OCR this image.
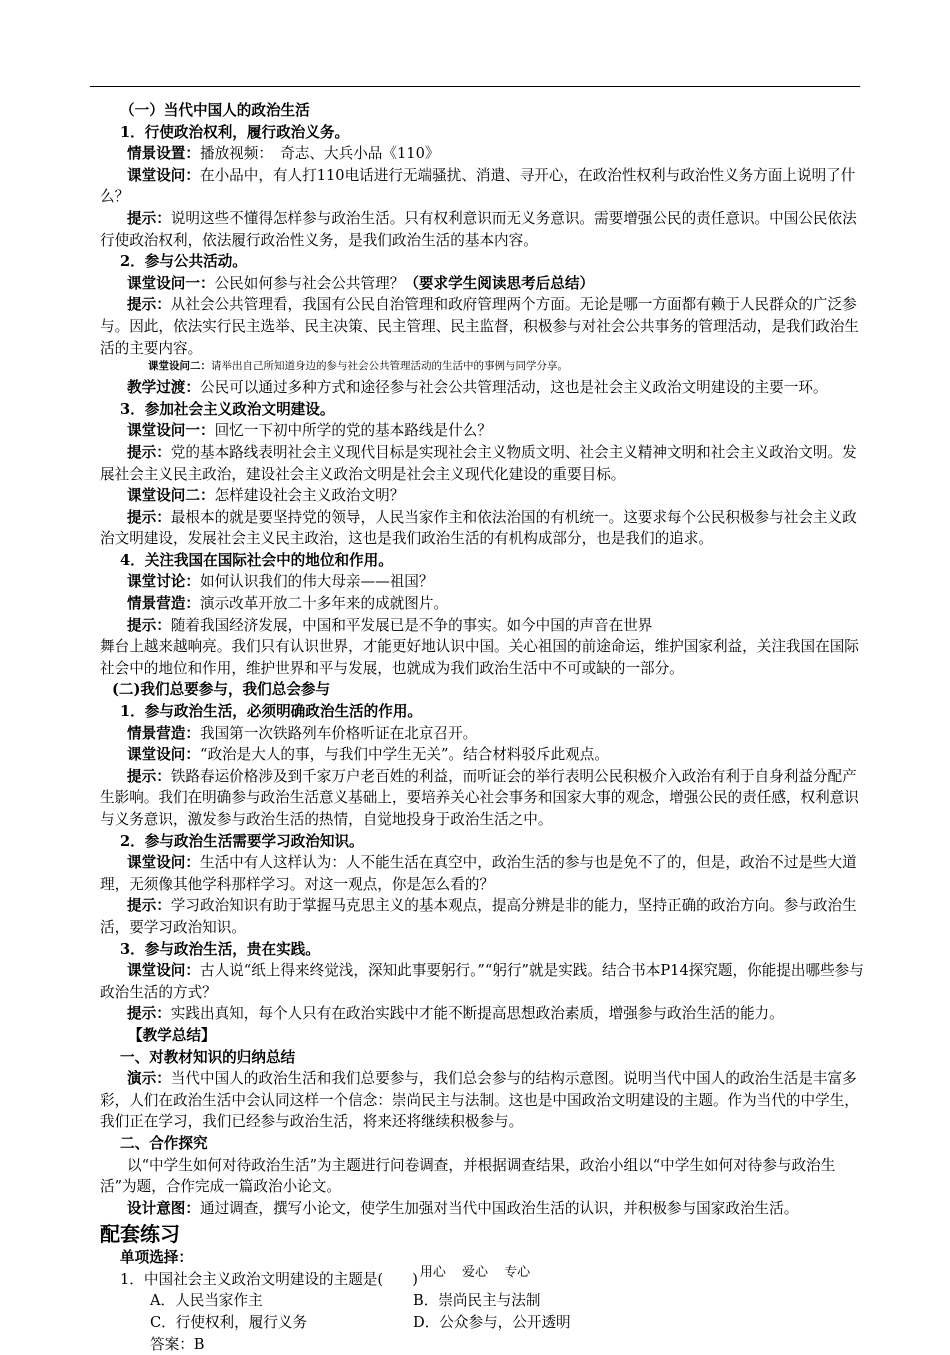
（一）当代中国人的政治生活

1．行使政治权利，履行政治义务。

情景设置：播放视频：　奇志、大兵小品《110》

课堂设问：在小品中，有人打110电话进行无端骚扰、消遣、寻开心，在政治性权利与政治性义务方面上说明了什么？

提示：说明这些不懂得怎样参与政治生活。只有权利意识而无义务意识。需要增强公民的责任意识。中国公民依法行使政治权利，依法履行政治性义务，是我们政治生活的基本内容。

2．参与公共活动。

课堂设问一：公民如何参与社会公共管理？（要求学生阅读思考后总结）

提示：从社会公共管理看，我国有公民自治管理和政府管理两个方面。无论是哪一方面都有赖于人民群众的广泛参与。因此，依法实行民主选举、民主决策、民主管理、民主监督，积极参与对社会公共事务的管理活动，是我们政治生活的主要内容。

课堂设问二：请举出自己所知道身边的参与社会公共管理活动的生活中的事例与同学分享。

教学过渡：公民可以通过多种方式和途径参与社会公共管理活动，这也是社会主义政治文明建设的主要一环。

3．参加社会主义政治文明建设。

课堂设问一：回忆一下初中所学的党的基本路线是什么？

提示：党的基本路线表明社会主义现代目标是实现社会主义物质文明、社会主义精神文明和社会主义政治文明。发展社会主义民主政治，建设社会主义政治文明是社会主义现代化建设的重要目标。

课堂设问二：怎样建设社会主义政治文明？

提示：最根本的就是要坚持党的领导，人民当家作主和依法治国的有机统一。这要求每个公民积极参与社会主义政治文明建设，发展社会主义民主政治，这也是我们政治生活的有机构成部分，也是我们的追求。

4．关注我国在国际社会中的地位和作用。

课堂讨论：如何认识我们的伟大母亲——祖国？

情景营造：演示改革开放二十多年来的成就图片。

提示：随着我国经济发展，中国和平发展已是不争的事实。如今中国的声音在世界

舞台上越来越响亮。我们只有认识世界，才能更好地认识中国。关心祖国的前途命运，维护国家利益，关注我国在国际社会中的地位和作用，维护世界和平与发展，也就成为我们政治生活中不可或缺的一部分。

(二)我们总要参与，我们总会参与

1．参与政治生活，必须明确政治生活的作用。

情景营造：我国第一次铁路列车价格听证在北京召开。

课堂设问：“政治是大人的事，与我们中学生无关”。结合材料驳斥此观点。

提示：铁路春运价格涉及到千家万户老百姓的利益，而听证会的举行表明公民积极介入政治有利于自身利益分配产生影响。我们在明确参与政治生活意义基础上，要培养关心社会事务和国家大事的观念，增强公民的责任感，权利意识与义务意识，激发参与政治生活的热情，自觉地投身于政治生活之中。

2．参与政治生活需要学习政治知识。

课堂设问：生活中有人这样认为：人不能生活在真空中，政治生活的参与也是免不了的，但是，政治不过是些大道理，无须像其他学科那样学习。对这一观点，你是怎么看的？

提示：学习政治知识有助于掌握马克思主义的基本观点，提高分辨是非的能力，坚持正确的政治方向。参与政治生活，要学习政治知识。

3．参与政治生活，贵在实践。

课堂设问：古人说“纸上得来终觉浅，深知此事要躬行。”“躬行”就是实践。结合书本P14探究题，你能提出哪些参与政治生活的方式？

提示：实践出真知，每个人只有在政治实践中才能不断提高思想政治素质，增强参与政治生活的能力。

【教学总结】

一、对教材知识的归纳总结

演示：当代中国人的政治生活和我们总要参与，我们总会参与的结构示意图。说明当代中国人的政治生活是丰富多彩，人们在政治生活中会认同这样一个信念：崇尚民主与法制。这也是中国政治文明建设的主题。作为当代的中学生，我们正在学习，我们已经参与政治生活，将来还将继续积极参与。

二、合作探究

以“中学生如何对待政治生活”为主题进行问卷调查，并根据调查结果，政治小组以“中学生如何对待参与政治生活”为题，合作完成一篇政治小论文。

设计意图：通过调查，撰写小论文，使学生加强对当代中国政治生活的认识，并积极参与国家政治生活。

配套练习

单项选择：

1．中国社会主义政治文明建设的主题是(　　)

A．人民当家作主	B．崇尚民主与法制
C．行使权利，履行义务	D．公众参与，公开透明

答案：B

用心 爱心 专心
